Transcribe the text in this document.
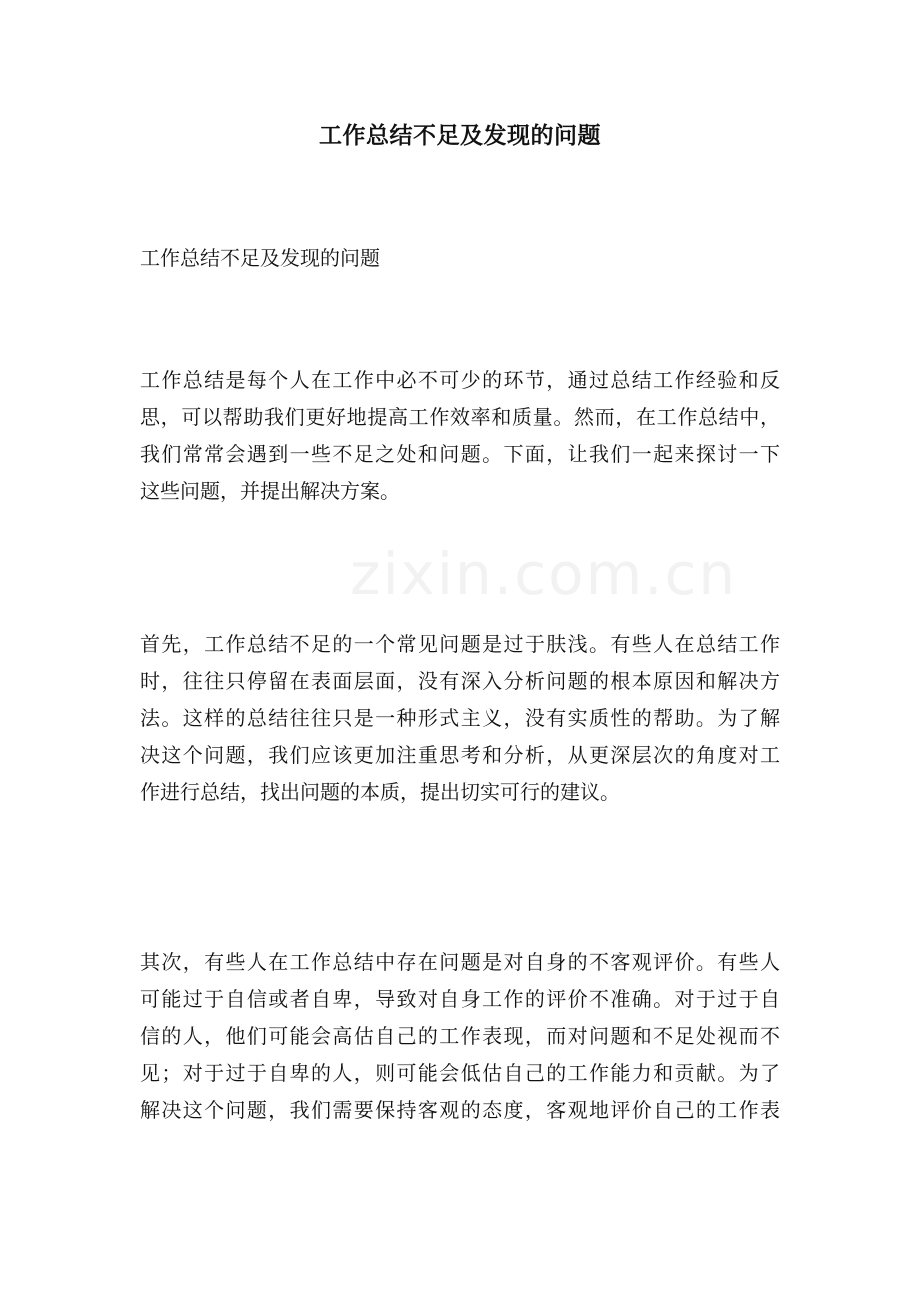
zixin.com.cn
工作总结不足及发现的问题

工作总结不足及发现的问题

工作总结是每个人在工作中必不可少的环节，通过总结工作经验和反
思，可以帮助我们更好地提高工作效率和质量。然而，在工作总结中，
我们常常会遇到一些不足之处和问题。下面，让我们一起来探讨一下
这些问题，并提出解决方案。
首先，工作总结不足的一个常见问题是过于肤浅。有些人在总结工作
时，往往只停留在表面层面，没有深入分析问题的根本原因和解决方
法。这样的总结往往只是一种形式主义，没有实质性的帮助。为了解
决这个问题，我们应该更加注重思考和分析，从更深层次的角度对工
作进行总结，找出问题的本质，提出切实可行的建议。
其次，有些人在工作总结中存在问题是对自身的不客观评价。有些人
可能过于自信或者自卑，导致对自身工作的评价不准确。对于过于自
信的人，他们可能会高估自己的工作表现，而对问题和不足处视而不
见；对于过于自卑的人，则可能会低估自己的工作能力和贡献。为了
解决这个问题，我们需要保持客观的态度，客观地评价自己的工作表
